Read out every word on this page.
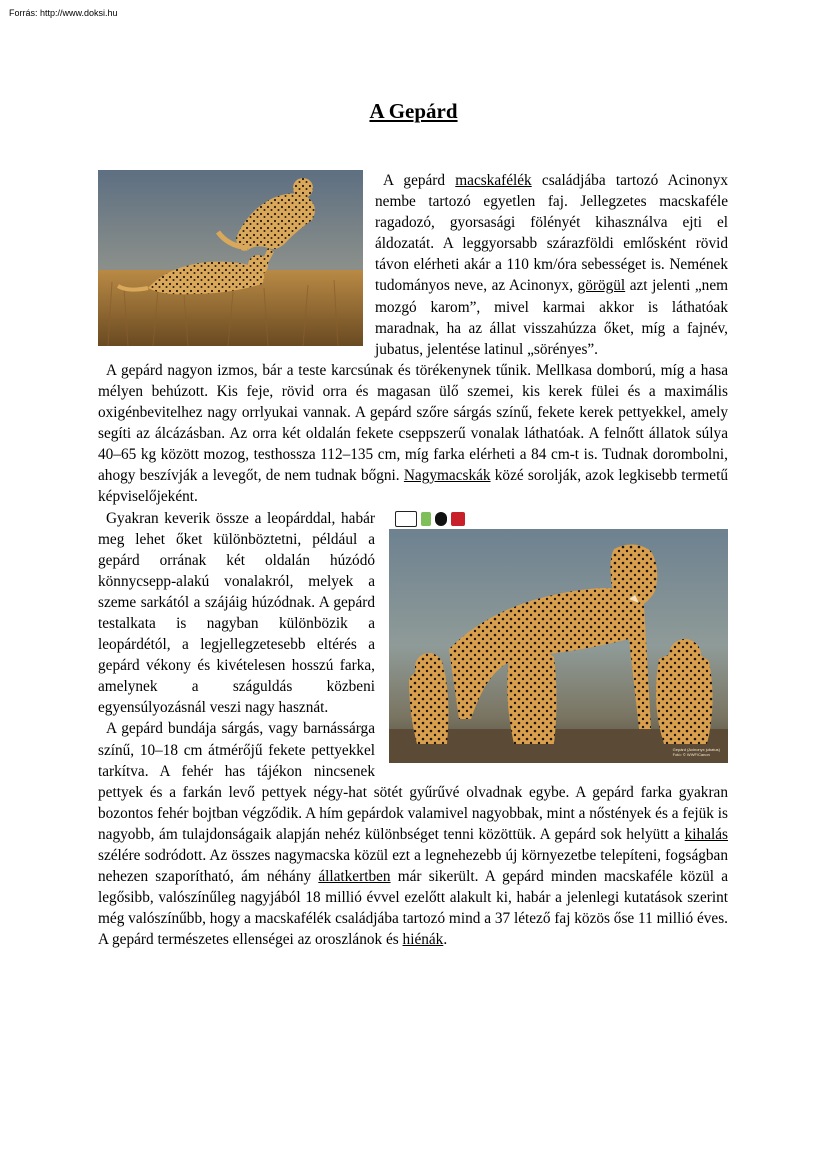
Forrás: http://www.doksi.hu
A Gepárd

A gepárd macskafélék családjába tartozó Acinonyx nembe tartozó egyetlen faj. Jellegzetes macskaféle ragadozó, gyorsasági fölényét kihasználva ejti el áldozatát. A leggyorsabb szárazföldi emlősként rövid távon elérheti akár a 110 km/óra sebességet is. Nemének tudományos neve, az Acinonyx, görögül azt jelenti „nem mozgó karom”, mivel karmai akkor is láthatóak maradnak, ha az állat visszahúzza őket, míg a fajnév, jubatus, jelentése latinul „sörényes”.

A gepárd nagyon izmos, bár a teste karcsúnak és törékenynek tűnik. Mellkasa domború, míg a hasa mélyen behúzott. Kis feje, rövid orra és magasan ülő szemei, kis kerek fülei és a maximális oxigénbevitelhez nagy orrlyukai vannak. A gepárd szőre sárgás színű, fekete kerek pettyekkel, amely segíti az álcázásban. Az orra két oldalán fekete cseppszerű vonalak láthatóak. A felnőtt állatok súlya 40–65 kg között mozog, testhossza 112–135 cm, míg farka elérheti a 84 cm-t is. Tudnak dorombolni, ahogy beszívják a levegőt, de nem tudnak bőgni. Nagymacskák közé sorolják, azok legkisebb termetű képviselőjeként.

Gepárd (Acinonyx jubatus)
Fotó: © WWF/Canon

Gyakran keverik össze a leopárddal, habár meg lehet őket különböztetni, például a gepárd orrának két oldalán húzódó könnycsepp-alakú vonalakról, melyek a szeme sarkától a szájáig húzódnak. A gepárd testalkata is nagyban különbözik a leopárdétól, a legjellegzetesebb eltérés a gepárd vékony és kivételesen hosszú farka, amelynek a száguldás közbeni egyensúlyozásnál veszi nagy hasznát.

A gepárd bundája sárgás, vagy barnássárga színű, 10–18 cm átmérőjű fekete pettyekkel tarkítva. A fehér has tájékon nincsenek pettyek és a farkán levő pettyek négy-hat sötét gyűrűvé olvadnak egybe. A gepárd farka gyakran bozontos fehér bojtban végződik. A hím gepárdok valamivel nagyobbak, mint a nőstények és a fejük is nagyobb, ám tulajdonságaik alapján nehéz különbséget tenni közöttük. A gepárd sok helyütt a kihalás szélére sodródott. Az összes nagymacska közül ezt a legnehezebb új környezetbe telepíteni, fogságban nehezen szaporítható, ám néhány állatkertben már sikerült. A gepárd minden macskaféle közül a legősibb, valószínűleg nagyjából 18 millió évvel ezelőtt alakult ki, habár a jelenlegi kutatások szerint még valószínűbb, hogy a macskafélék családjába tartozó mind a 37 létező faj közös őse 11 millió éves. A gepárd természetes ellenségei az oroszlánok és hiénák.
